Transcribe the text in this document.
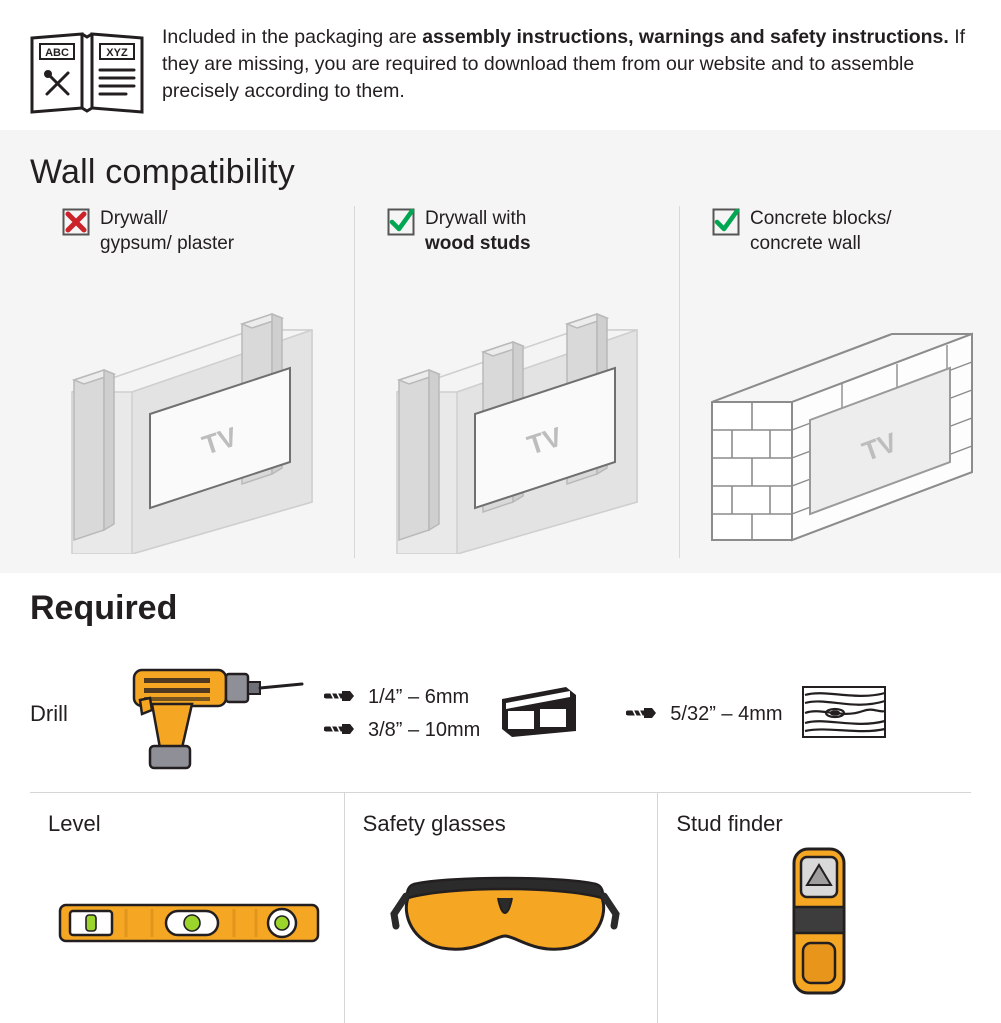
ABC	XYZ
Included in the packaging are assembly instructions, warnings and safety instructions. If they are missing, you are required to download them from our website and to assemble precisely according to them.
Wall compatibility
Drywall/
gypsum/ plaster
TV
Drywall with
wood studs
TV
Concrete blocks/
concrete wall
TV
Required
Drill
1/4” – 6mm
3/8” – 10mm
5/32” – 4mm
Level	Safety glasses	Stud finder
